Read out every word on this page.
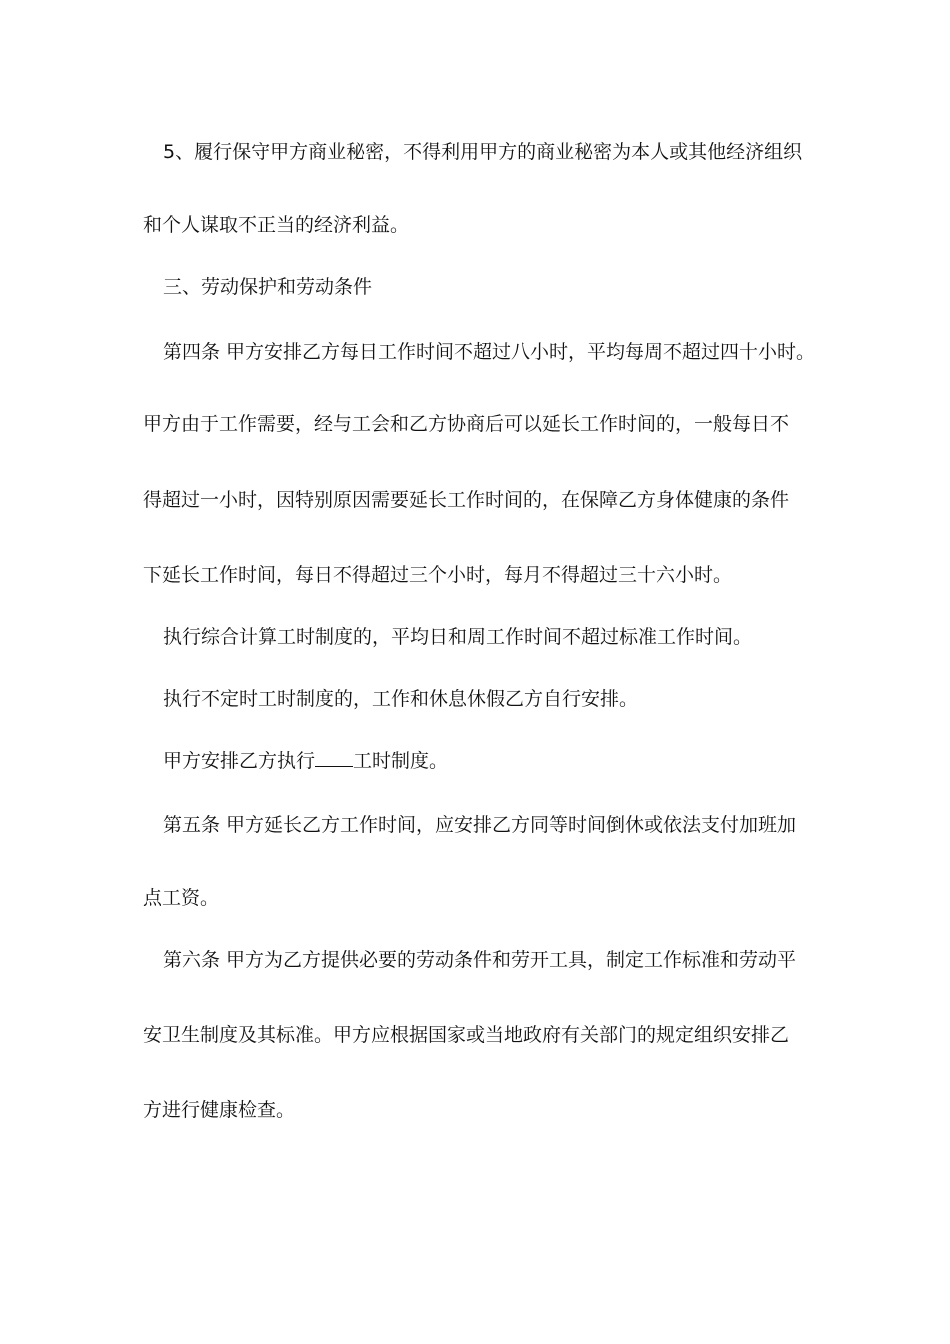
5、履行保守甲方商业秘密，不得利用甲方的商业秘密为本人或其他经济组织
和个人谋取不正当的经济利益。
三、劳动保护和劳动条件
第四条 甲方安排乙方每日工作时间不超过八小时，平均每周不超过四十小时。
甲方由于工作需要，经与工会和乙方协商后可以延长工作时间的，一般每日不
得超过一小时，因特别原因需要延长工作时间的，在保障乙方身体健康的条件
下延长工作时间，每日不得超过三个小时，每月不得超过三十六小时。
执行综合计算工时制度的，平均日和周工作时间不超过标准工作时间。
执行不定时工时制度的，工作和休息休假乙方自行安排。
甲方安排乙方执行 工时制度。
第五条 甲方延长乙方工作时间，应安排乙方同等时间倒休或依法支付加班加
点工资。
第六条 甲方为乙方提供必要的劳动条件和劳开工具，制定工作标准和劳动平
安卫生制度及其标准。甲方应根据国家或当地政府有关部门的规定组织安排乙
方进行健康检查。
